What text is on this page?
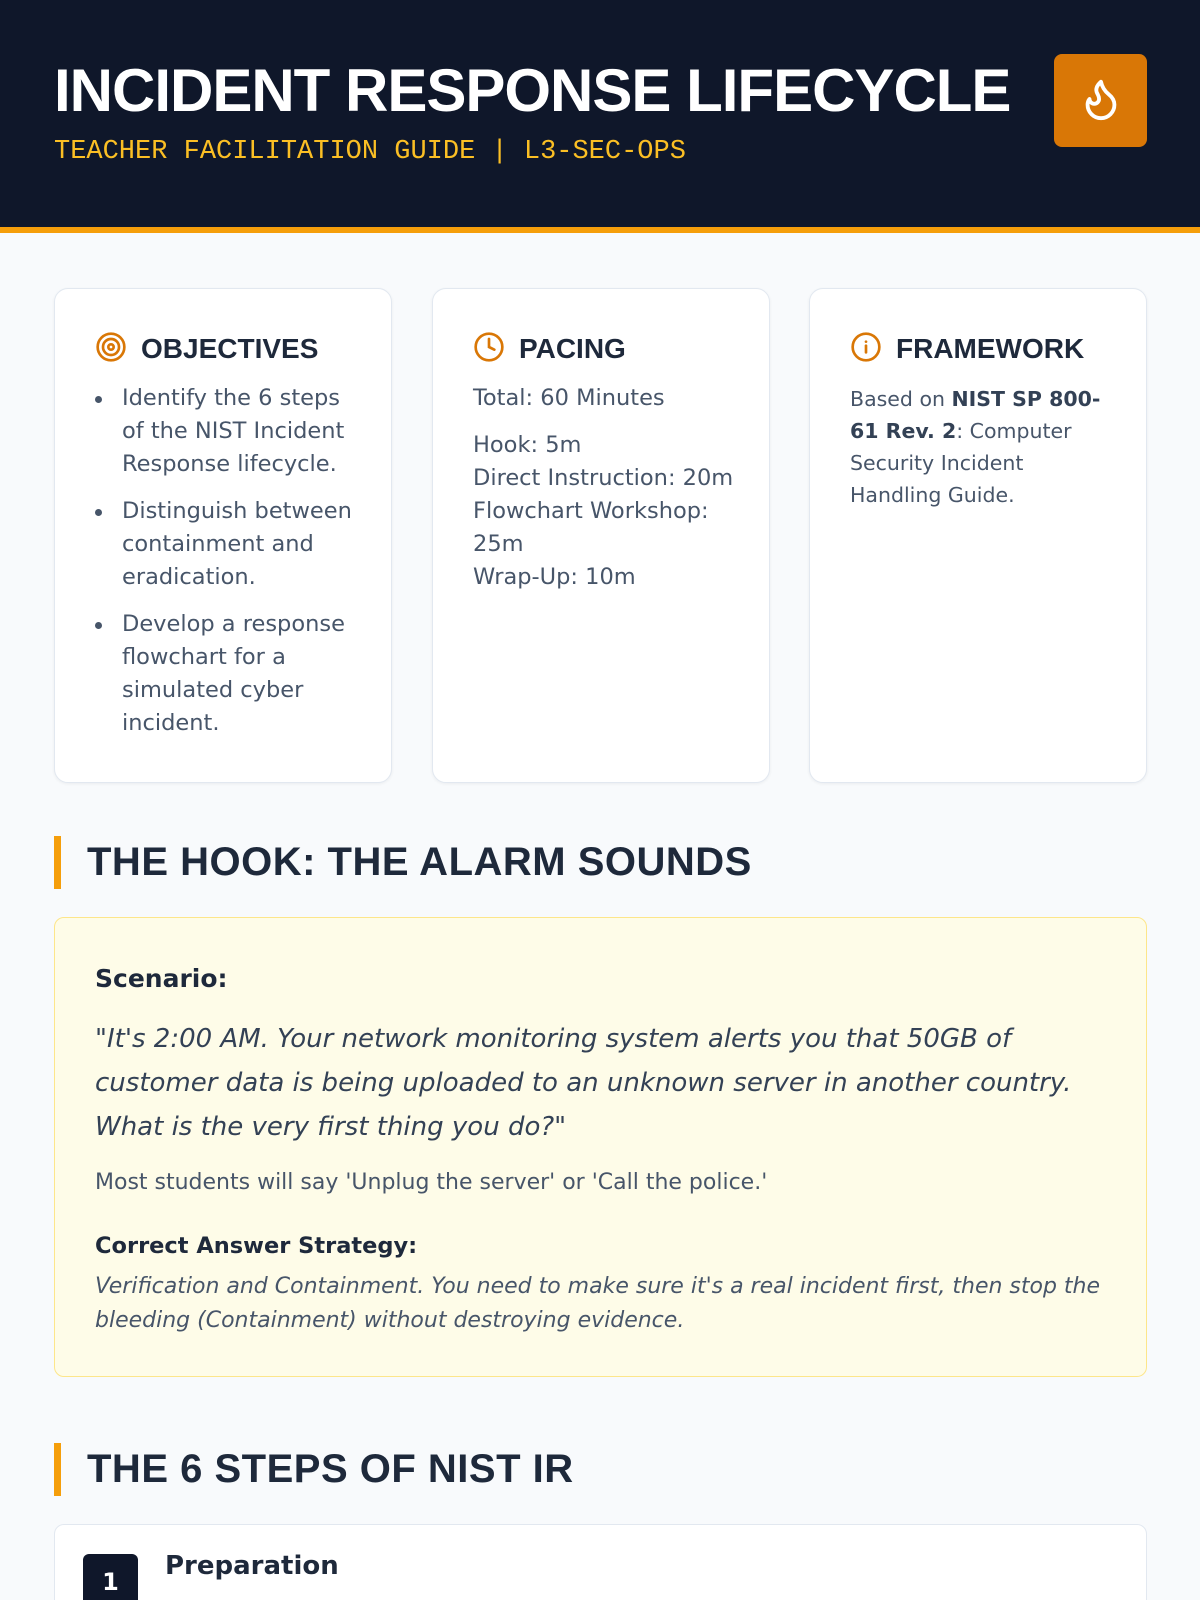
INCIDENT RESPONSE LIFECYCLE
TEACHER FACILITATION GUIDE | L3-SEC-OPS
OBJECTIVES
Identify the 6 steps of the NIST Incident Response lifecycle.
Distinguish between containment and eradication.
Develop a response flowchart for a simulated cyber incident.
PACING
Total: 60 Minutes
Hook: 5m
Direct Instruction: 20m
Flowchart Workshop: 25m
Wrap-Up: 10m
FRAMEWORK
Based on NIST SP 800-61 Rev. 2: Computer Security Incident Handling Guide.
THE HOOK: THE ALARM SOUNDS
Scenario:
"It's 2:00 AM. Your network monitoring system alerts you that 50GB of customer data is being uploaded to an unknown server in another country. What is the very first thing you do?"
Most students will say 'Unplug the server' or 'Call the police.'
Correct Answer Strategy:
Verification and Containment. You need to make sure it's a real incident first, then stop the bleeding (Containment) without destroying evidence.
THE 6 STEPS OF NIST IR
1
Preparation
